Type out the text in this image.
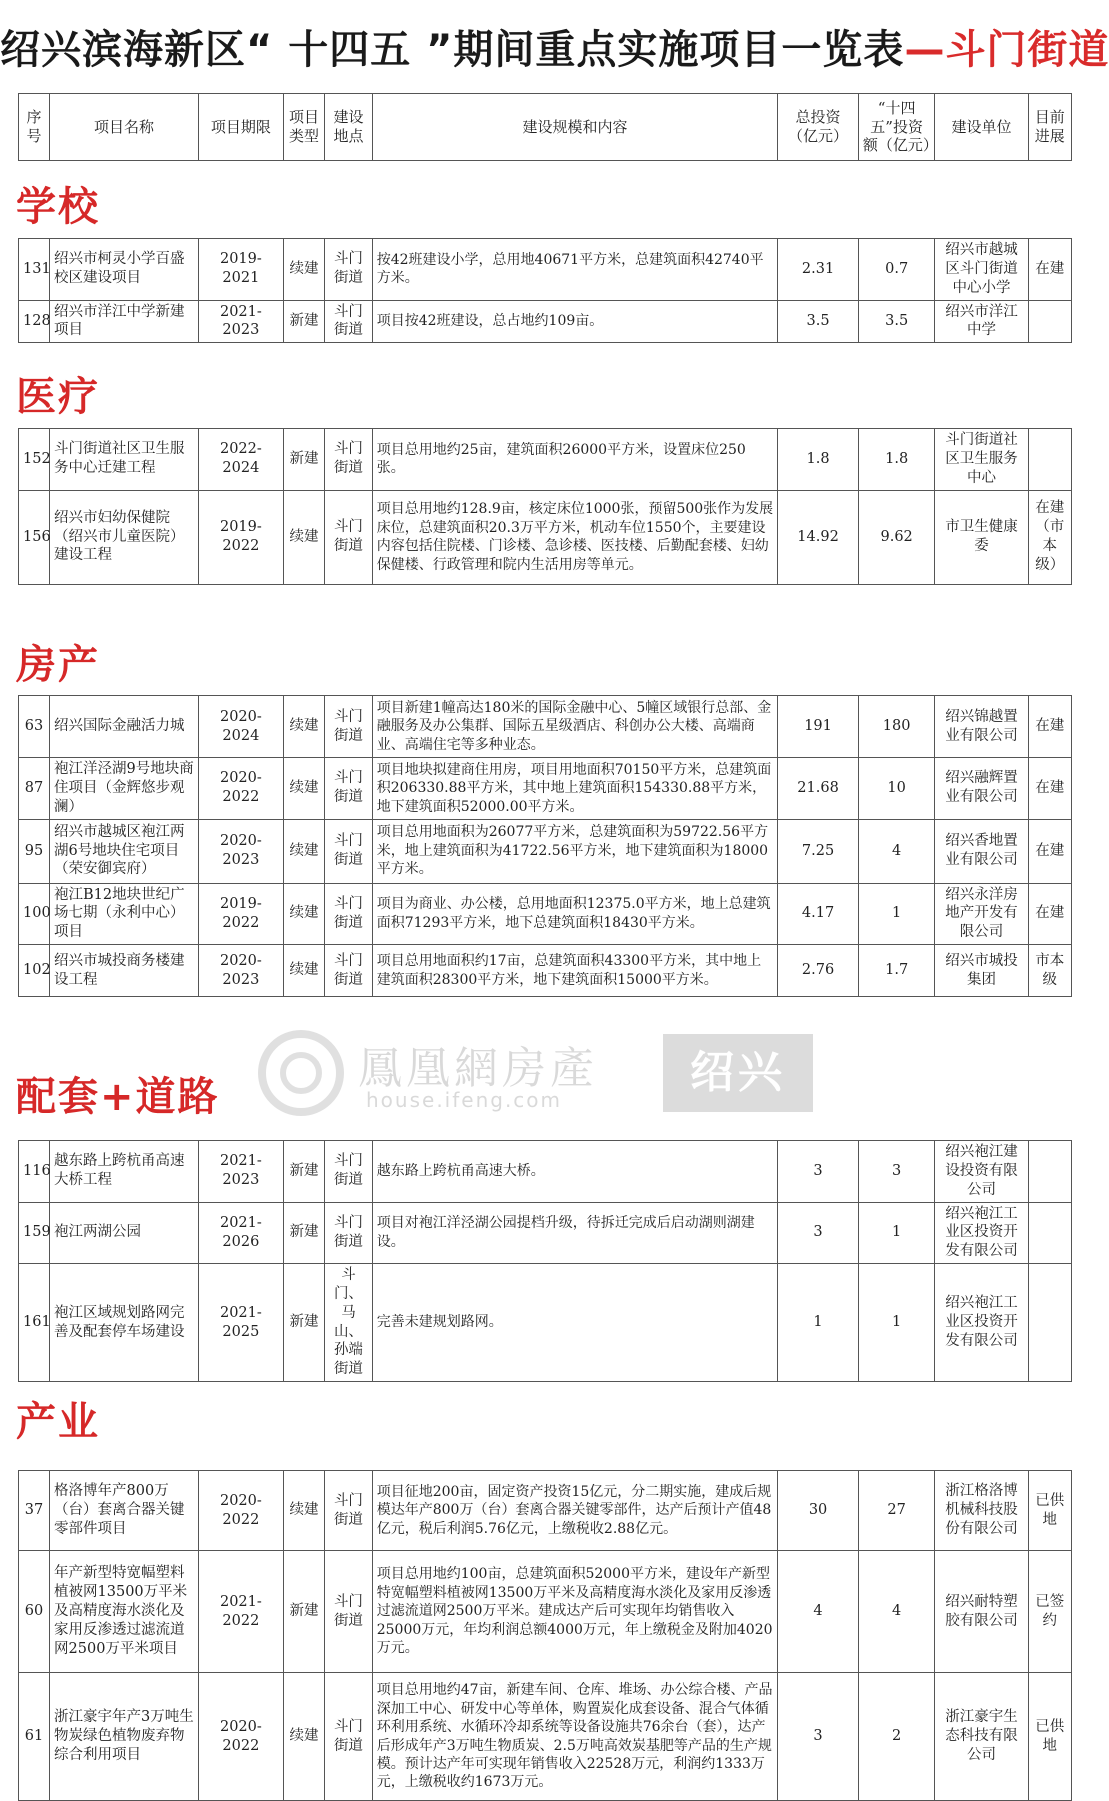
绍兴滨海新区“ 十四五 ”期间重点实施项目一览表—斗门街道
序号	项目名称	项目期限	项目类型	建设地点	建设规模和内容	总投资（亿元）	“十四五”投资额（亿元）	建设单位	目前进展
学校
131	绍兴市柯灵小学百盛校区建设项目	2019-2021	续建	斗门街道	按42班建设小学，总用地40671平方米，总建筑面积42740平方米。	2.31	0.7	绍兴市越城区斗门街道中心小学	在建
128	绍兴市洋江中学新建项目	2021-2023	新建	斗门街道	项目按42班建设，总占地约109亩。	3.5	3.5	绍兴市洋江中学	
医疗
152	斗门街道社区卫生服务中心迁建工程	2022-2024	新建	斗门街道	项目总用地约25亩，建筑面积26000平方米，设置床位250张。	1.8	1.8	斗门街道社区卫生服务中心	
156	绍兴市妇幼保健院（绍兴市儿童医院）建设工程	2019-2022	续建	斗门街道	项目总用地约128.9亩，核定床位1000张，预留500张作为发展床位，总建筑面积20.3万平方米，机动车位1550个，主要建设内容包括住院楼、门诊楼、急诊楼、医技楼、后勤配套楼、妇幼保健楼、行政管理和院内生活用房等单元。	14.92	9.62	市卫生健康委	在建（市本级）
房产
63	绍兴国际金融活力城	2020-2024	续建	斗门街道	项目新建1幢高达180米的国际金融中心、5幢区域银行总部、金融服务及办公集群、国际五星级酒店、科创办公大楼、高端商业、高端住宅等多种业态。	191	180	绍兴锦越置业有限公司	在建
87	袍江洋泾湖9号地块商住项目（金辉悠步观澜）	2020-2022	续建	斗门街道	项目地块拟建商住用房，项目用地面积70150平方米，总建筑面积206330.88平方米，其中地上建筑面积154330.88平方米，地下建筑面积52000.00平方米。	21.68	10	绍兴融辉置业有限公司	在建
95	绍兴市越城区袍江两湖6号地块住宅项目（荣安御宾府）	2020-2023	续建	斗门街道	项目总用地面积为26077平方米，总建筑面积为59722.56平方米，地上建筑面积为41722.56平方米，地下建筑面积为18000平方米。	7.25	4	绍兴香地置业有限公司	在建
100	袍江B12地块世纪广场七期（永利中心）项目	2019-2022	续建	斗门街道	项目为商业、办公楼，总用地面积12375.0平方米，地上总建筑面积71293平方米，地下总建筑面积18430平方米。	4.17	1	绍兴永洋房地产开发有限公司	在建
102	绍兴市城投商务楼建设工程	2020-2023	续建	斗门街道	项目总用地面积约17亩，总建筑面积43300平方米，其中地上建筑面积28300平方米，地下建筑面积15000平方米。	2.76	1.7	绍兴市城投集团	市本级
鳳凰網房產
house.ifeng.com
绍兴
配套+道路
116	越东路上跨杭甬高速大桥工程	2021-2023	新建	斗门街道	越东路上跨杭甬高速大桥。	3	3	绍兴袍江建设投资有限公司	
159	袍江两湖公园	2021-2026	新建	斗门街道	项目对袍江洋泾湖公园提档升级，待拆迁完成后启动湖则湖建设。	3	1	绍兴袍江工业区投资开发有限公司	
161	袍江区域规划路网完善及配套停车场建设	2021-2025	新建	斗门、马山、孙端街道	完善未建规划路网。	1	1	绍兴袍江工业区投资开发有限公司	
产业
37	格洛博年产800万（台）套离合器关键零部件项目	2020-2022	续建	斗门街道	项目征地200亩，固定资产投资15亿元，分二期实施，建成后规模达年产800万（台）套离合器关键零部件，达产后预计产值48亿元，税后利润5.76亿元，上缴税收2.88亿元。	30	27	浙江格洛博机械科技股份有限公司	已供地
60	年产新型特宽幅塑料植被网13500万平米及高精度海水淡化及家用反渗透过滤流道网2500万平米项目	2021-2022	新建	斗门街道	项目总用地约100亩，总建筑面积52000平方米，建设年产新型特宽幅塑料植被网13500万平米及高精度海水淡化及家用反渗透过滤流道网2500万平米。建成达产后可实现年均销售收入25000万元，年均利润总额4000万元，年上缴税金及附加4020万元。	4	4	绍兴耐特塑胶有限公司	已签约
61	浙江豪宇年产3万吨生物炭绿色植物废弃物综合利用项目	2020-2022	续建	斗门街道	项目总用地约47亩，新建车间、仓库、堆场、办公综合楼、产品深加工中心、研发中心等单体，购置炭化成套设备、混合气体循环利用系统、水循环冷却系统等设备设施共76余台（套），达产后形成年产3万吨生物质炭、2.5万吨高效炭基肥等产品的生产规模。预计达产年可实现年销售收入22528万元，利润约1333万元，上缴税收约1673万元。	3	2	浙江豪宇生态科技有限公司	已供地
